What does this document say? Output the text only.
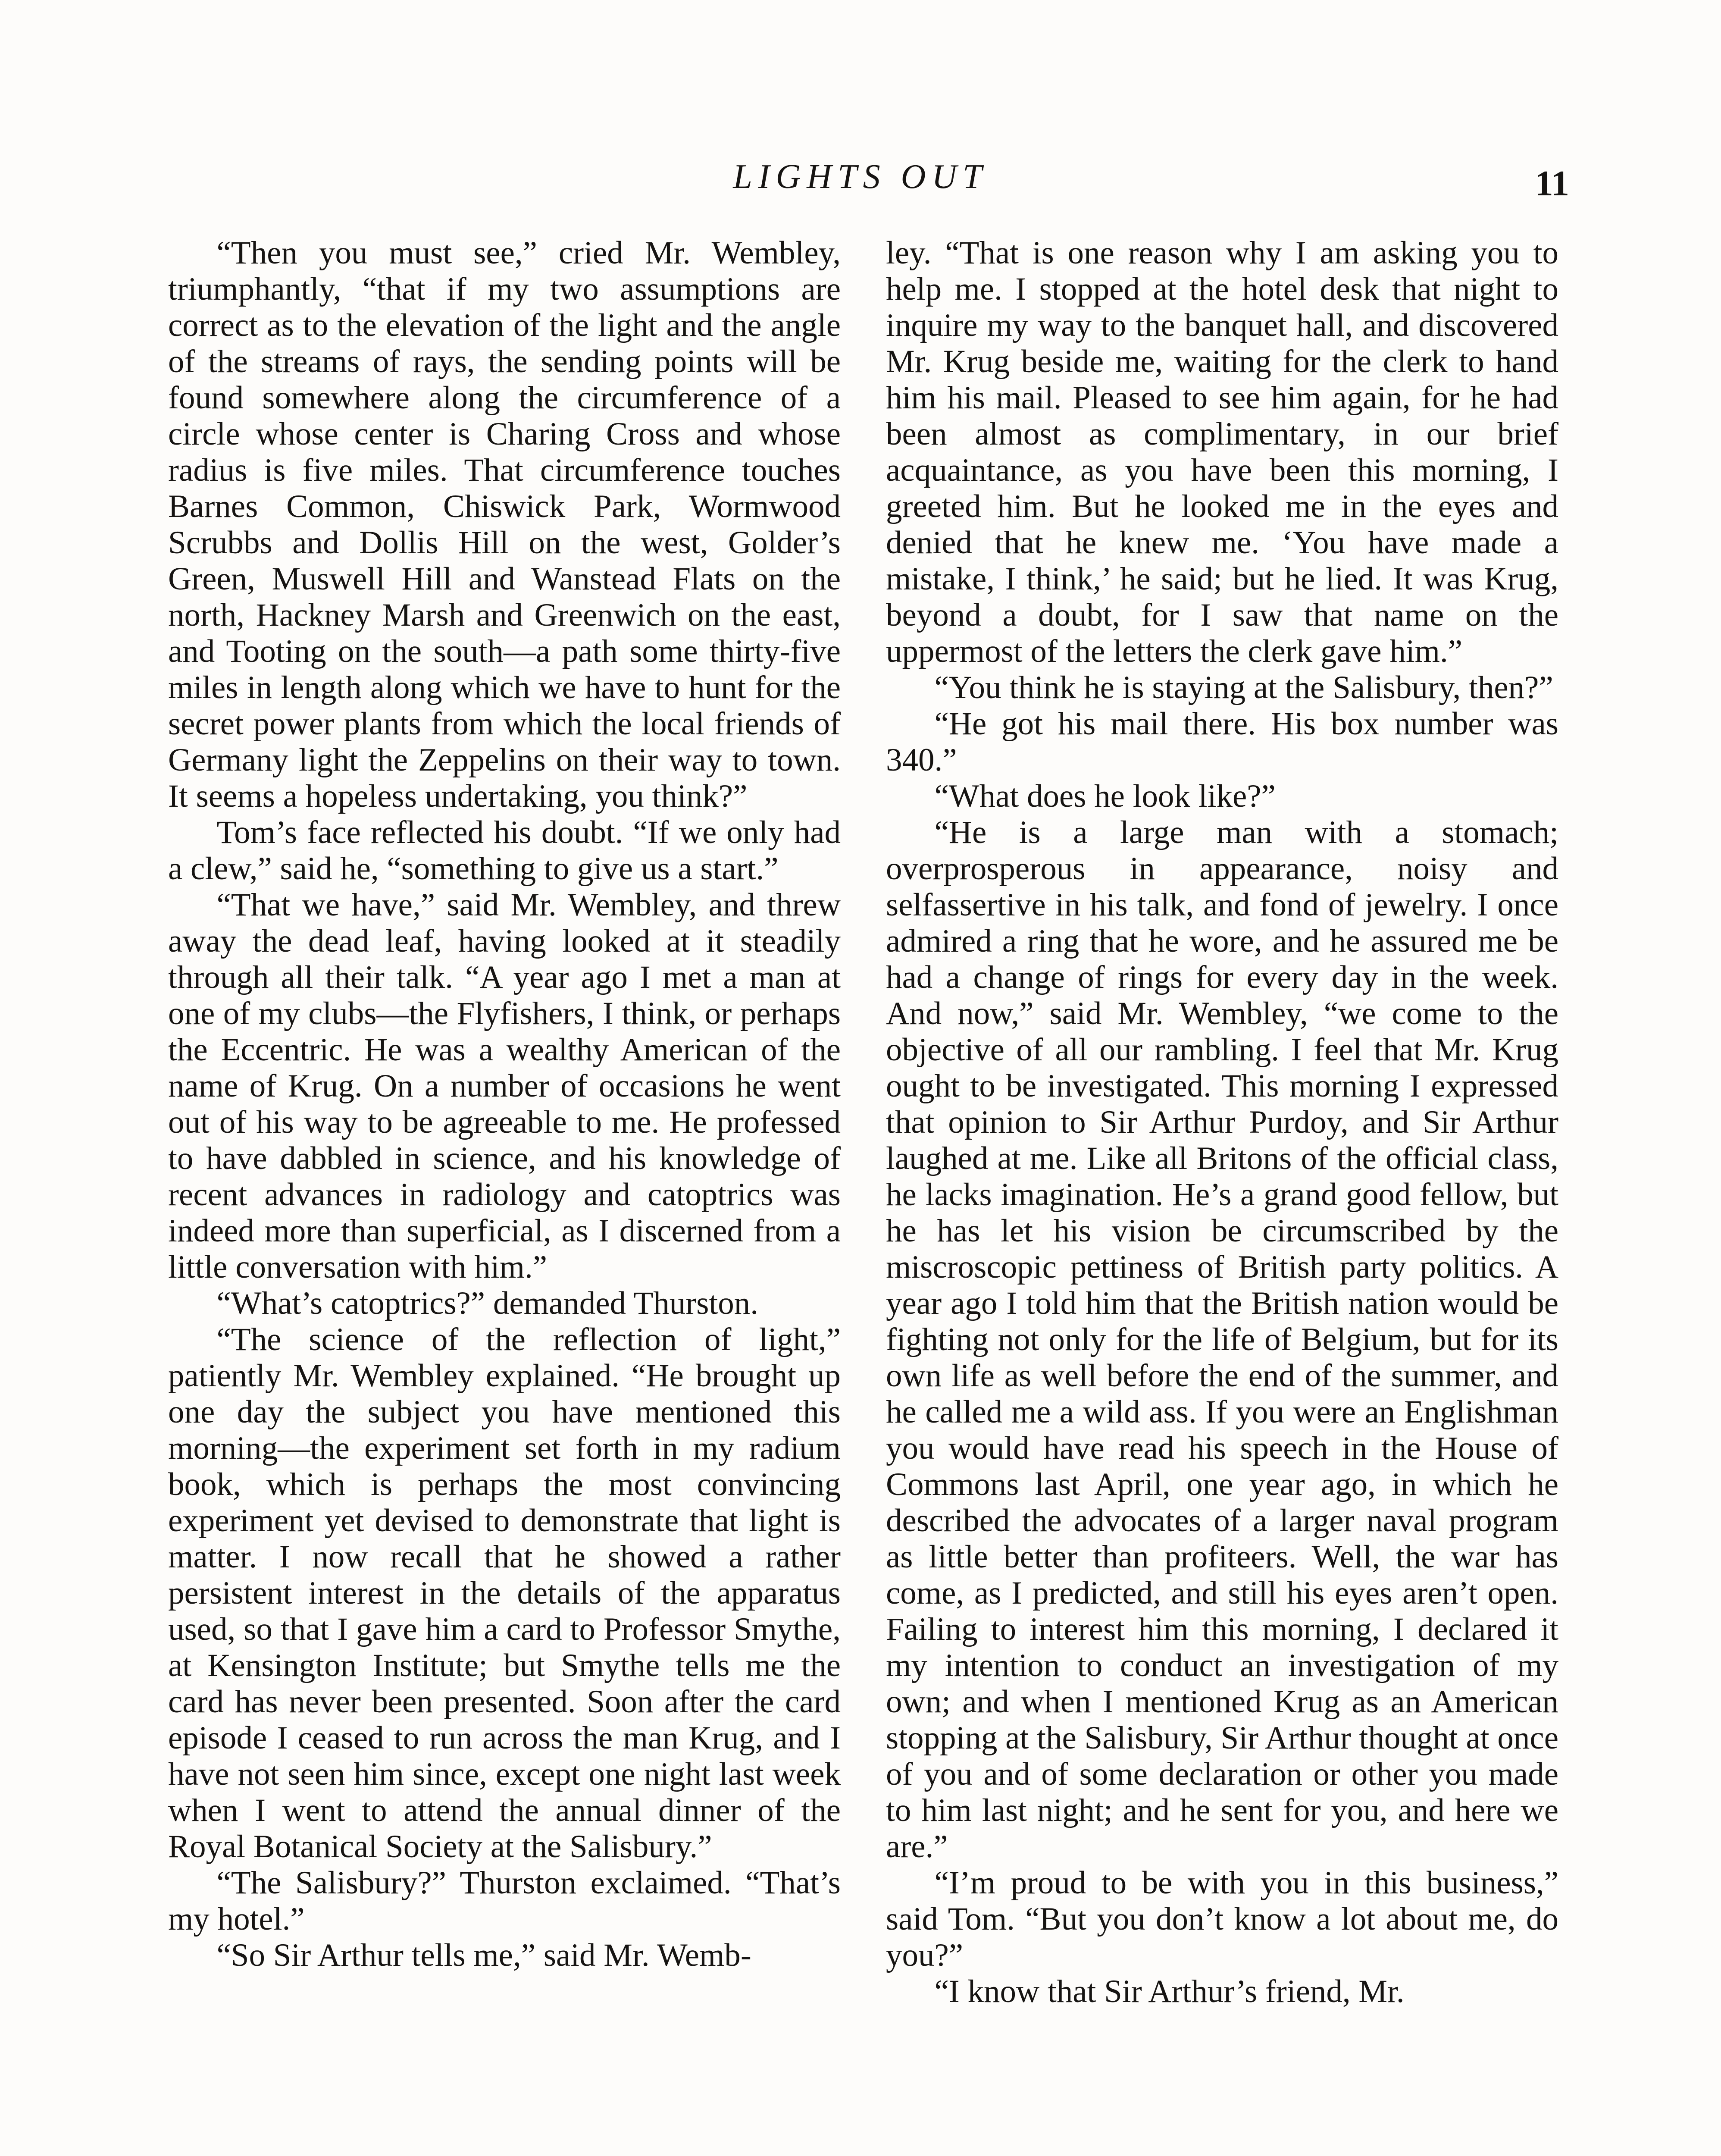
LIGHTS OUT	11

“Then you must see,” cried Mr. Wembley, triumphantly, “that if my two assumptions are correct as to the elevation of the light and the angle of the streams of rays, the sending points will be found somewhere along the circumference of a circle whose center is Charing Cross and whose radius is five miles. That circumference touches Barnes Common, Chiswick Park, Wormwood Scrubbs and Dollis Hill on the west, Golder’s Green, Muswell Hill and Wanstead Flats on the north, Hackney Marsh and Greenwich on the east, and Tooting on the south—a path some thirty-five miles in length along which we have to hunt for the secret power plants from which the local friends of Germany light the Zeppelins on their way to town. It seems a hopeless undertaking, you think?”

Tom’s face reflected his doubt. “If we only had a clew,” said he, “something to give us a start.”

“That we have,” said Mr. Wembley, and threw away the dead leaf, having looked at it steadily through all their talk. “A year ago I met a man at one of my clubs—the Flyfishers, I think, or perhaps the Eccentric. He was a wealthy American of the name of Krug. On a number of occasions he went out of his way to be agreeable to me. He professed to have dabbled in science, and his knowledge of recent advances in radiology and catoptrics was indeed more than superficial, as I discerned from a little conversation with him.”

“What’s catoptrics?” demanded Thurston.

“The science of the reflection of light,” patiently Mr. Wembley explained. “He brought up one day the subject you have mentioned this morning—the experiment set forth in my radium book, which is perhaps the most convincing experiment yet devised to demonstrate that light is matter. I now recall that he showed a rather persistent interest in the details of the apparatus used, so that I gave him a card to Professor Smythe, at Kensington Institute; but Smythe tells me the card has never been presented. Soon after the card episode I ceased to run across the man Krug, and I have not seen him since, except one night last week when I went to attend the annual dinner of the Royal Botanical Society at the Salisbury.”

“The Salisbury?” Thurston exclaimed. “That’s my hotel.”

“So Sir Arthur tells me,” said Mr. Wemb-

ley. “That is one reason why I am asking you to help me. I stopped at the hotel desk that night to inquire my way to the banquet hall, and discovered Mr. Krug beside me, waiting for the clerk to hand him his mail. Pleased to see him again, for he had been almost as complimentary, in our brief acquaintance, as you have been this morning, I greeted him. But he looked me in the eyes and denied that he knew me. ‘You have made a mistake, I think,’ he said; but he lied. It was Krug, beyond a doubt, for I saw that name on the uppermost of the letters the clerk gave him.”

“You think he is staying at the Salisbury, then?”

“He got his mail there. His box number was 340.”

“What does he look like?”

“He is a large man with a stomach; overprosperous in appearance, noisy and selfassertive in his talk, and fond of jewelry. I once admired a ring that he wore, and he assured me be had a change of rings for every day in the week. And now,” said Mr. Wembley, “we come to the objective of all our rambling. I feel that Mr. Krug ought to be investigated. This morning I expressed that opinion to Sir Arthur Purdoy, and Sir Arthur laughed at me. Like all Britons of the official class, he lacks imagination. He’s a grand good fellow, but he has let his vision be circumscribed by the miscroscopic pettiness of British party politics. A year ago I told him that the British nation would be fighting not only for the life of Belgium, but for its own life as well before the end of the summer, and he called me a wild ass. If you were an Englishman you would have read his speech in the House of Commons last April, one year ago, in which he described the advocates of a larger naval program as little better than profiteers. Well, the war has come, as I predicted, and still his eyes aren’t open. Failing to interest him this morning, I declared it my intention to conduct an investigation of my own; and when I mentioned Krug as an American stopping at the Salisbury, Sir Arthur thought at once of you and of some declaration or other you made to him last night; and he sent for you, and here we are.”

“I’m proud to be with you in this business,” said Tom. “But you don’t know a lot about me, do you?”

“I know that Sir Arthur’s friend, Mr.
